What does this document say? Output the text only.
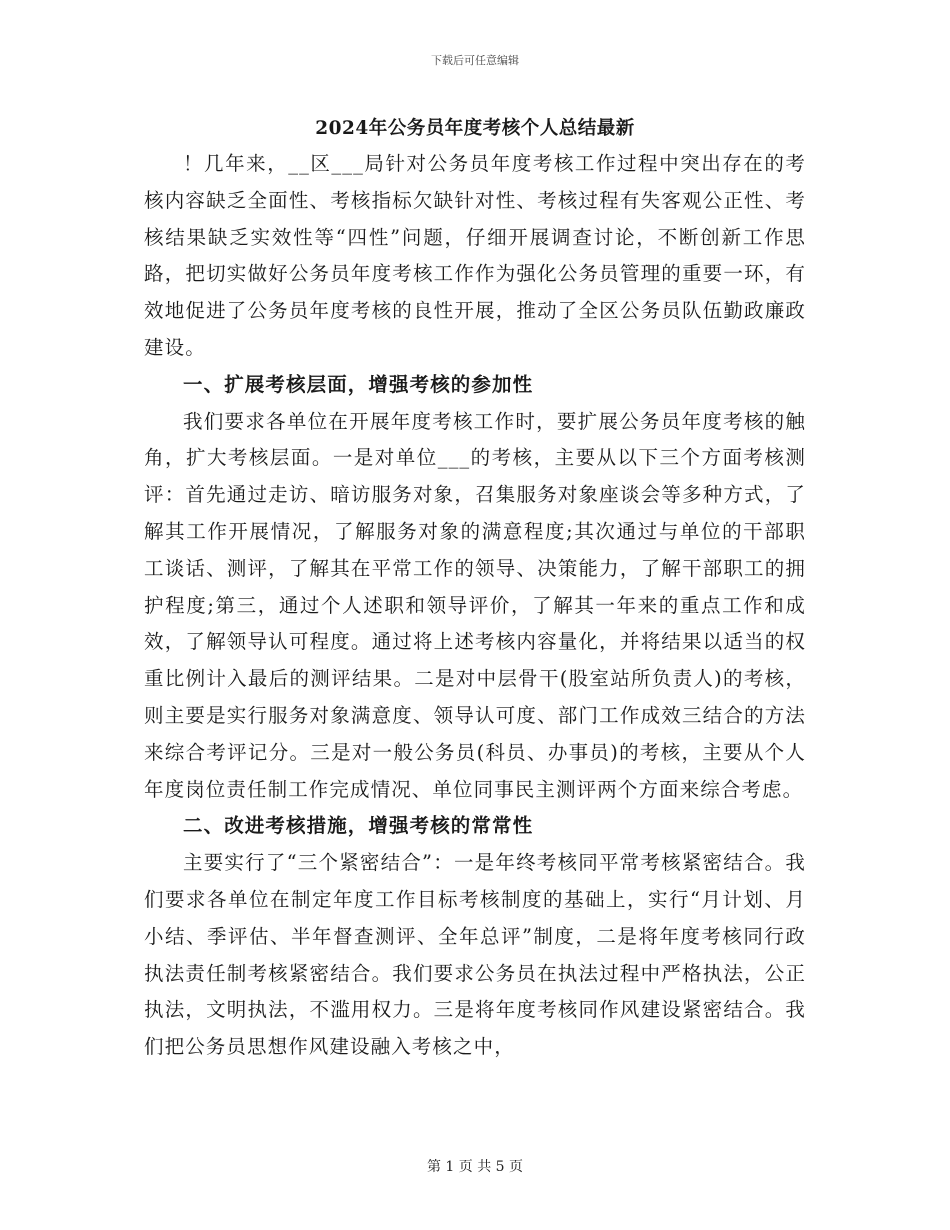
下载后可任意编辑
2024年公务员年度考核个人总结最新

！几年来，__区___局针对公务员年度考核工作过程中突出存在的考核内容缺乏全面性、考核指标欠缺针对性、考核过程有失客观公正性、考核结果缺乏实效性等“四性”问题，仔细开展调查讨论，不断创新工作思路，把切实做好公务员年度考核工作作为强化公务员管理的重要一环，有效地促进了公务员年度考核的良性开展，推动了全区公务员队伍勤政廉政建设。

一、扩展考核层面，增强考核的参加性

我们要求各单位在开展年度考核工作时，要扩展公务员年度考核的触角，扩大考核层面。一是对单位___的考核，主要从以下三个方面考核测评：首先通过走访、暗访服务对象，召集服务对象座谈会等多种方式，了解其工作开展情况，了解服务对象的满意程度;其次通过与单位的干部职工谈话、测评，了解其在平常工作的领导、决策能力，了解干部职工的拥护程度;第三，通过个人述职和领导评价，了解其一年来的重点工作和成效，了解领导认可程度。通过将上述考核内容量化，并将结果以适当的权重比例计入最后的测评结果。二是对中层骨干(股室站所负责人)的考核，则主要是实行服务对象满意度、领导认可度、部门工作成效三结合的方法来综合考评记分。三是对一般公务员(科员、办事员)的考核，主要从个人年度岗位责任制工作完成情况、单位同事民主测评两个方面来综合考虑。

二、改进考核措施，增强考核的常常性

主要实行了“三个紧密结合”：一是年终考核同平常考核紧密结合。我们要求各单位在制定年度工作目标考核制度的基础上，实行“月计划、月小结、季评估、半年督查测评、全年总评”制度，二是将年度考核同行政执法责任制考核紧密结合。我们要求公务员在执法过程中严格执法，公正执法，文明执法，不滥用权力。三是将年度考核同作风建设紧密结合。我们把公务员思想作风建设融入考核之中，

第 1 页 共 5 页
